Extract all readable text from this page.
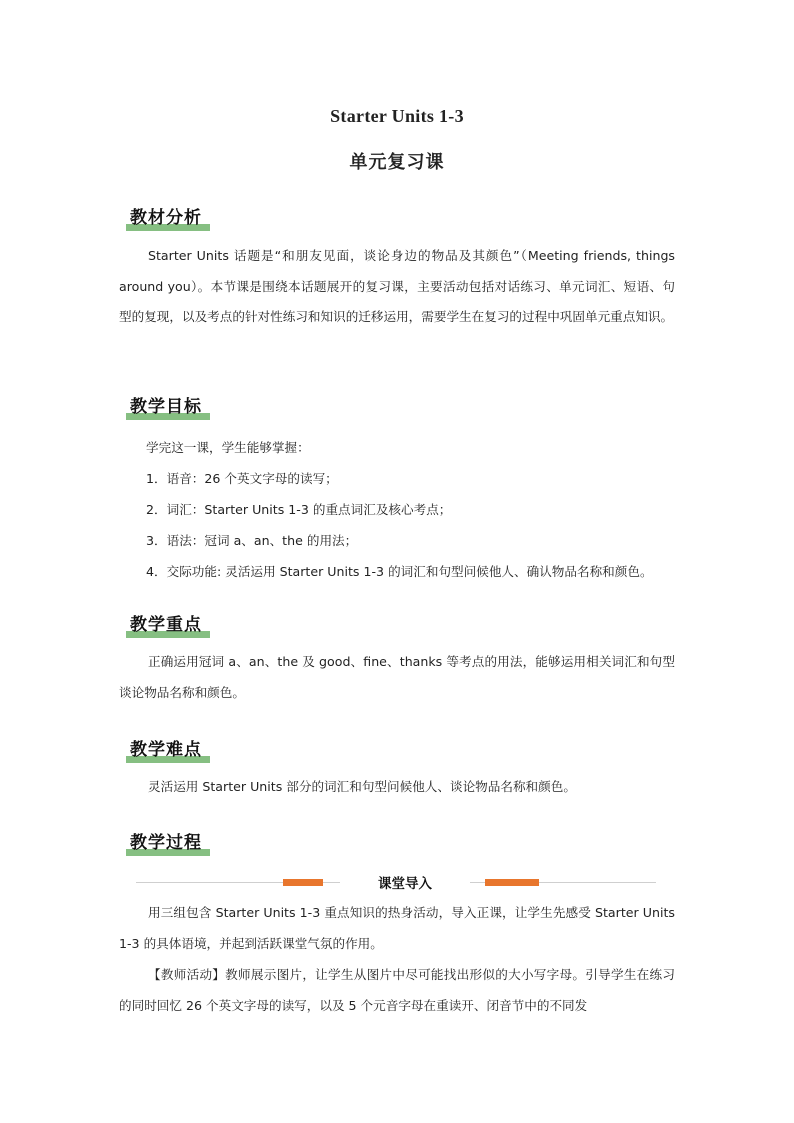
Starter Units 1-3
单元复习课
教材分析
Starter Units 话题是“和朋友见面，谈论身边的物品及其颜色”（Meeting friends, things around you）。本节课是围绕本话题展开的复习课，主要活动包括对话练习、单元词汇、短语、句型的复现，以及考点的针对性练习和知识的迁移运用，需要学生在复习的过程中巩固单元重点知识。
教学目标
学完这一课，学生能够掌握：
1．语音：26 个英文字母的读写；
2．词汇：Starter Units 1-3 的重点词汇及核心考点；
3．语法：冠词 a、an、the 的用法；
4．交际功能: 灵活运用 Starter Units 1-3 的词汇和句型问候他人、确认物品名称和颜色。
教学重点
正确运用冠词 a、an、the 及 good、fine、thanks 等考点的用法，能够运用相关词汇和句型谈论物品名称和颜色。
教学难点
灵活运用 Starter Units 部分的词汇和句型问候他人、谈论物品名称和颜色。
教学过程
课堂导入
用三组包含 Starter Units 1-3 重点知识的热身活动，导入正课，让学生先感受 Starter Units 1-3 的具体语境，并起到活跃课堂气氛的作用。
【教师活动】教师展示图片，让学生从图片中尽可能找出形似的大小写字母。引导学生在练习的同时回忆 26 个英文字母的读写，以及 5 个元音字母在重读开、闭音节中的不同发
